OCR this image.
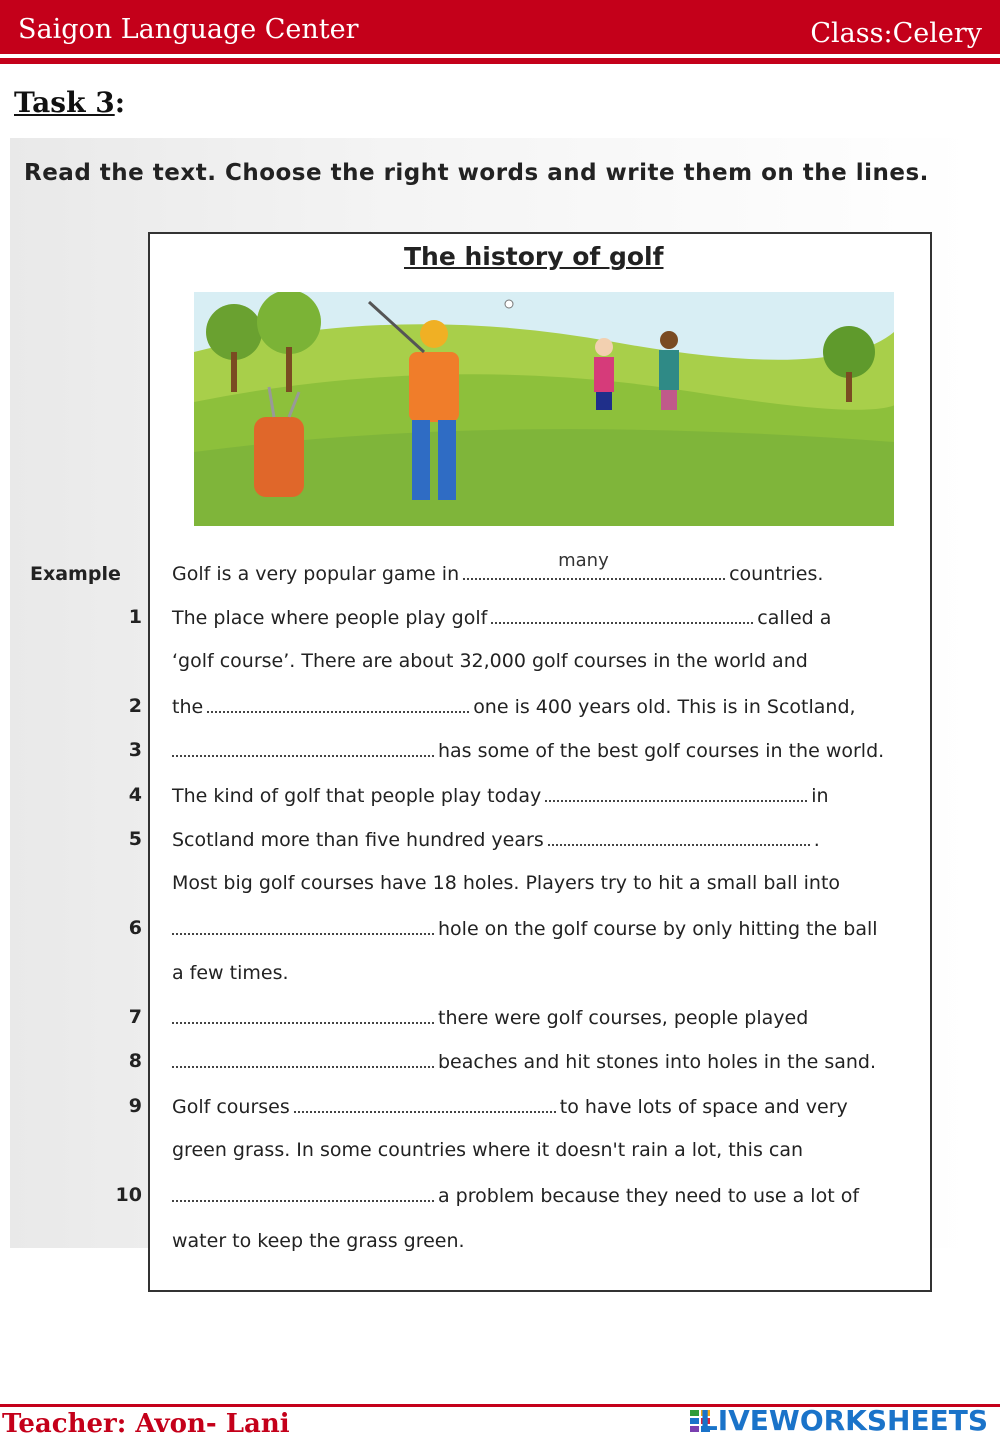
Saigon Language Center	Class:Celery
Task 3:
Read the text. Choose the right words and write them on the lines.
The history of golf
Example	Golf is a very popular game in
many
countries.
1 The place where people play golf	called a
‘golf course’. There are about 32,000 golf courses in the world and
2 the	one is 400 years old. This is in Scotland,
3	has some of the best golf courses in the world.
4 The kind of golf that people play today	in
5 Scotland more than five hundred years	.
Most big golf courses have 18 holes. Players try to hit a small ball into
6	hole on the golf course by only hitting the ball
a few times.
7	there were golf courses, people played
8	beaches and hit stones into holes in the sand.
9 Golf courses	to have lots of space and very
green grass. In some countries where it doesn't rain a lot, this can
10	a problem because they need to use a lot of
water to keep the grass green.
Teacher: Avon- Lani	LIVEWORKSHEETS
